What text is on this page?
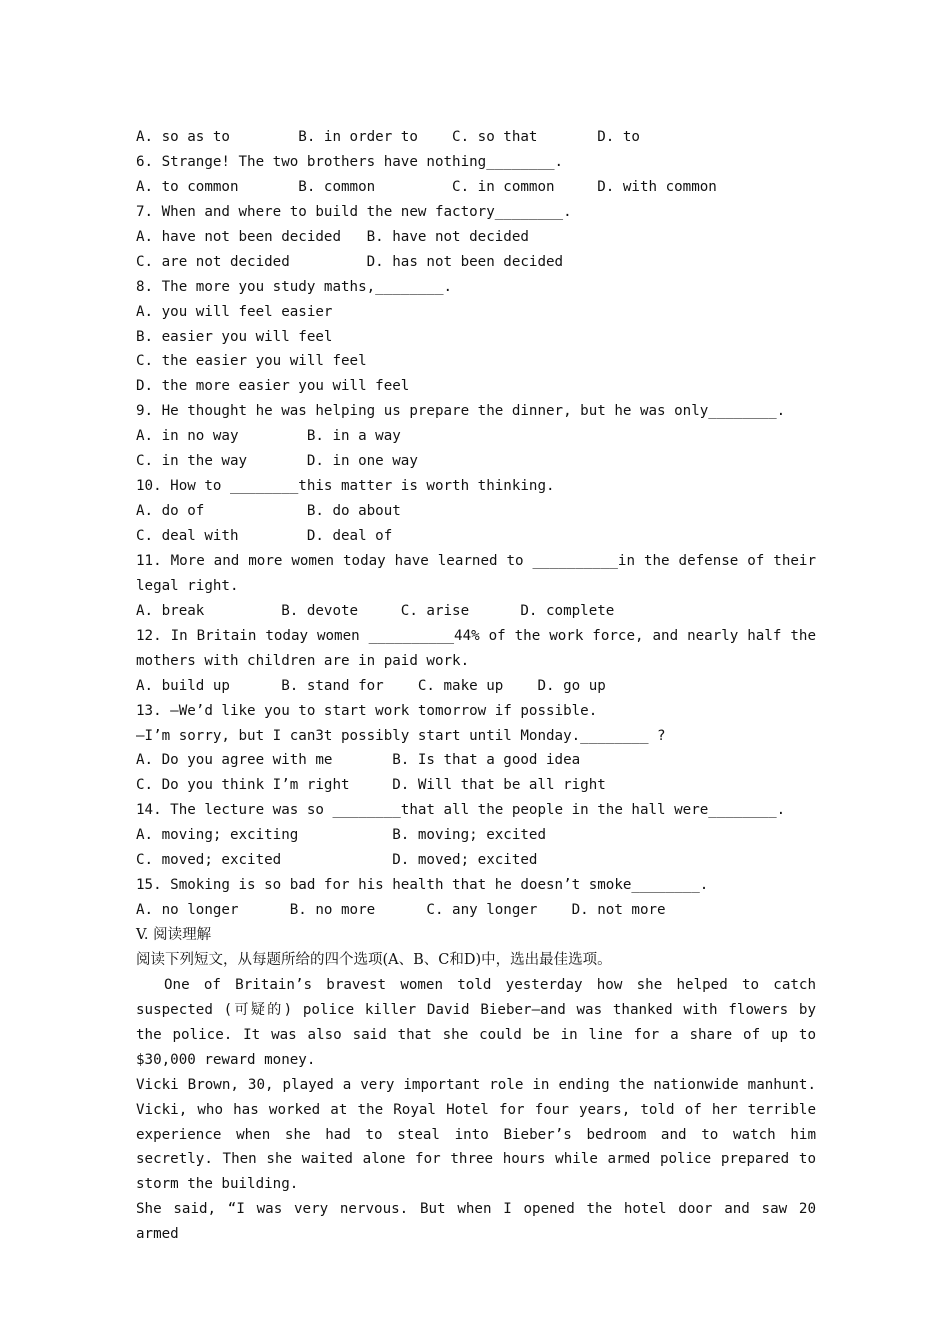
A. so as to        B. in order to    C. so that       D. to
6. Strange! The two brothers have nothing________.
A. to common       B. common         C. in common     D. with common
7. When and where to build the new factory________.
A. have not been decided   B. have not decided
C. are not decided         D. has not been decided
8. The more you study maths,________.
A. you will feel easier
B. easier you will feel
C. the easier you will feel
D. the more easier you will feel
9. He thought he was helping us prepare the dinner, but he was only________.
A. in no way        B. in a way
C. in the way       D. in one way
10. How to ________this matter is worth thinking.
A. do of            B. do about
C. deal with        D. deal of
11. More and more women today have learned to __________in the defense of their
legal right.
A. break         B. devote     C. arise      D. complete
12. In Britain today women __________44% of the work force, and nearly half the
mothers with children are in paid work.
A. build up      B. stand for    C. make up    D. go up
13. —We’d like you to start work tomorrow if possible.
—I’m sorry, but I can3t possibly start until Monday.________ ?
A. Do you agree with me       B. Is that a good idea
C. Do you think I’m right     D. Will that be all right
14. The lecture was so ________that all the people in the hall were________.
A. moving; exciting           B. moving; excited
C. moved; excited             D. moved; excited
15. Smoking is so bad for his health that he doesn’t smoke________.
A. no longer      B. no more      C. any longer    D. not more
V. 阅读理解
阅读下列短文，从每题所给的四个选项(A、B、C和D)中，选出最佳选项。
One of Britain’s bravest women told yesterday how she helped to catch
suspected (可疑的) police killer David Bieber—and was thanked with flowers by
the police. It was also said that she could be in line for a share of up to
$30,000 reward money.
Vicki Brown, 30, played a very important role in ending the nationwide manhunt.
Vicki, who has worked at the Royal Hotel for four years, told of her terrible
experience when she had to steal into Bieber’s bedroom and to watch him
secretly. Then she waited alone for three hours while armed police prepared to
storm the building.
She said, “I was very nervous. But when I opened the hotel door and saw 20 armed
